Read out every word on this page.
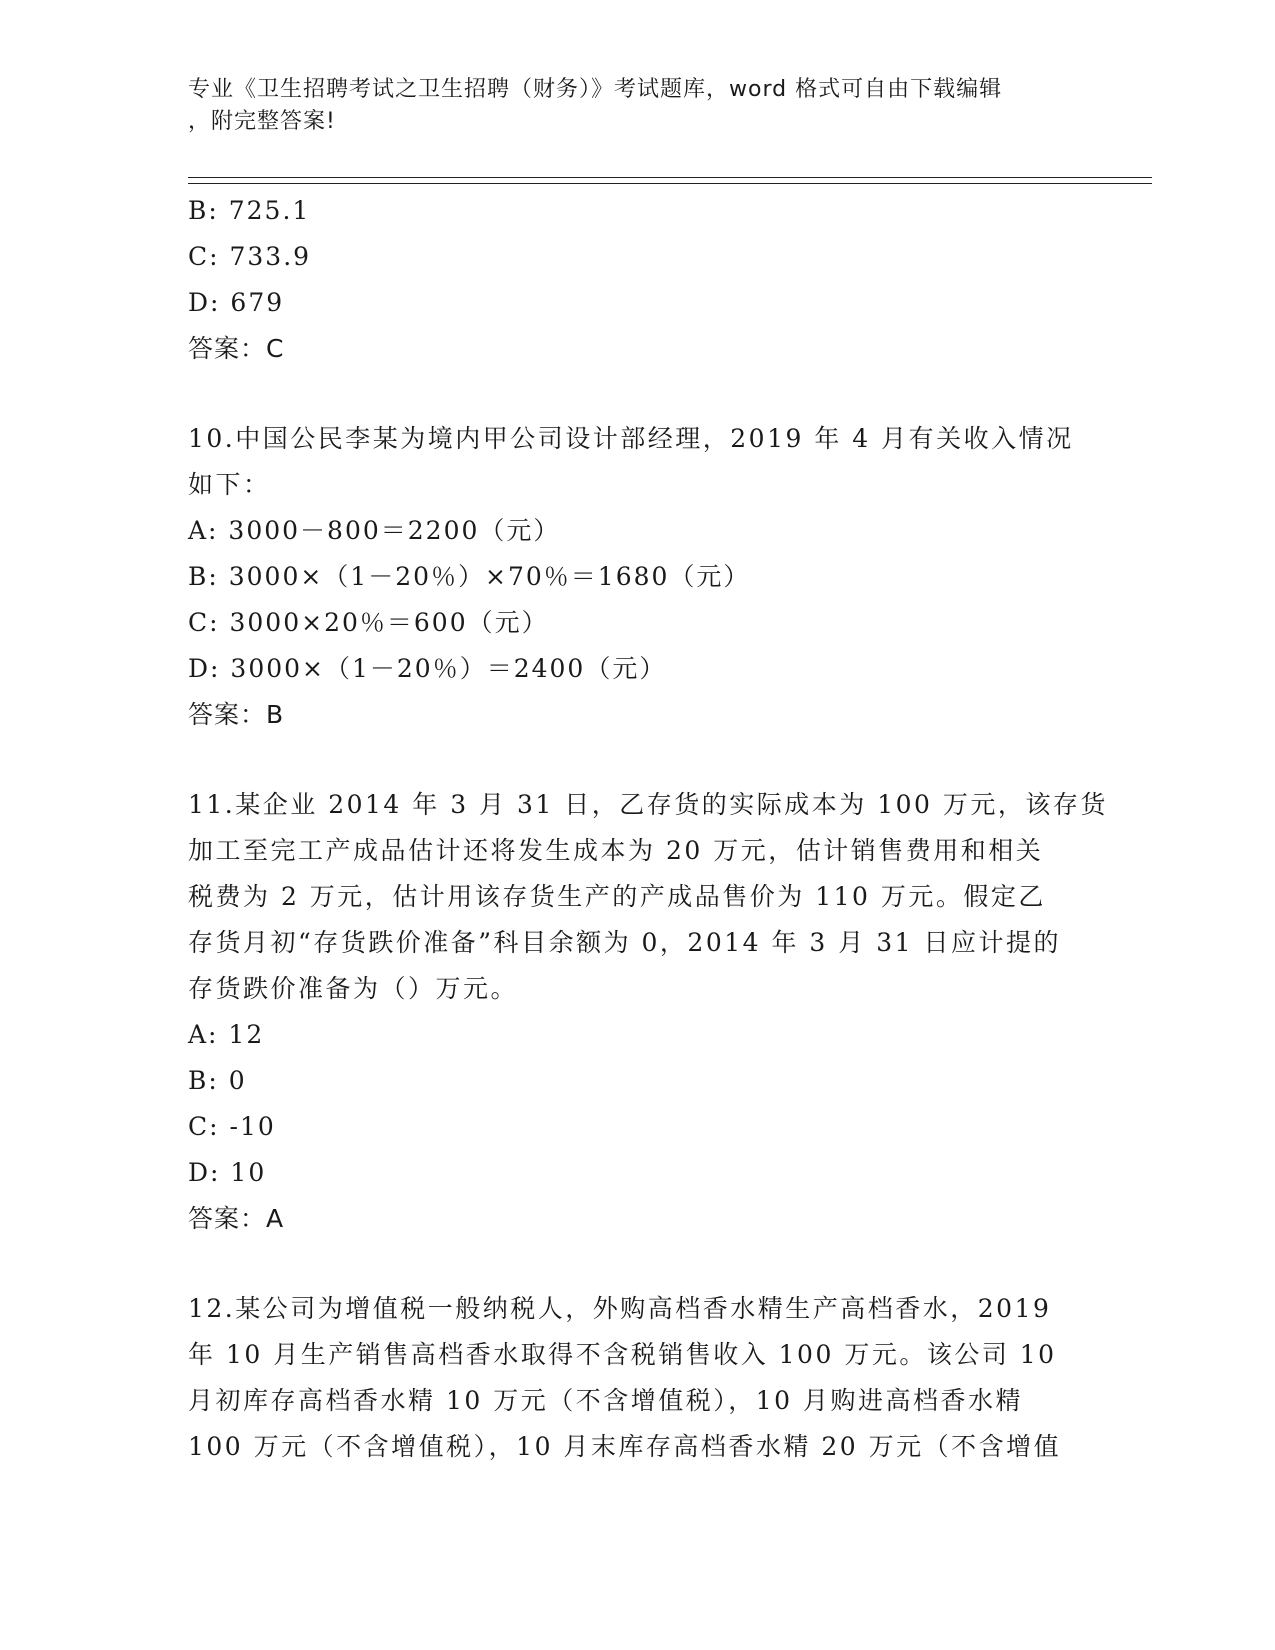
专业《卫生招聘考试之卫生招聘（财务）》考试题库，word 格式可自由下载编辑
，附完整答案!
B: 725.1
C: 733.9
D: 679
答案：C
10.中国公民李某为境内甲公司设计部经理，2019 年 4 月有关收入情况
如下：
A: 3000－800＝2200（元）
B: 3000×（1－20％）×70％＝1680（元）
C: 3000×20％＝600（元）
D: 3000×（1－20％）＝2400（元）
答案：B
11.某企业 2014 年 3 月 31 日，乙存货的实际成本为 100 万元，该存货
加工至完工产成品估计还将发生成本为 20 万元，估计销售费用和相关
税费为 2 万元，估计用该存货生产的产成品售价为 110 万元。假定乙
存货月初“存货跌价准备”科目余额为 0，2014 年 3 月 31 日应计提的
存货跌价准备为（）万元。
A: 12
B: 0
C: -10
D: 10
答案：A
12.某公司为增值税一般纳税人，外购高档香水精生产高档香水，2019
年 10 月生产销售高档香水取得不含税销售收入 100 万元。该公司 10
月初库存高档香水精 10 万元（不含增值税），10 月购进高档香水精
100 万元（不含增值税），10 月末库存高档香水精 20 万元（不含增值
